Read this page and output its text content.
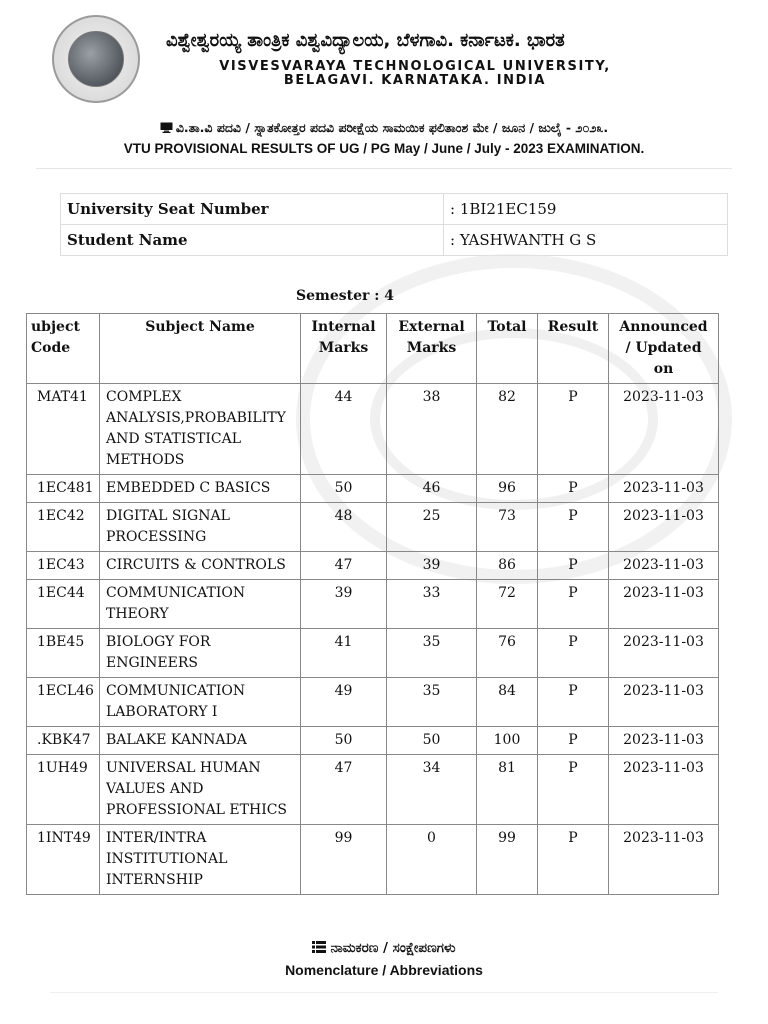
ವಿಶ್ವೇಶ್ವರಯ್ಯ ತಾಂತ್ರಿಕ ವಿಶ್ವವಿದ್ಯಾಲಯ, ಬೆಳಗಾವಿ. ಕರ್ನಾಟಕ. ಭಾರತ
VISVESVARAYA TECHNOLOGICAL UNIVERSITY,
BELAGAVI. KARNATAKA. INDIA
ವಿ.ತಾ.ವಿ ಪದವಿ / ಸ್ನಾತಕೋತ್ತರ ಪದವಿ ಪರೀಕ್ಷೆಯ ಸಾಮಯಿಕ ಫಲಿತಾಂಶ ಮೇ / ಜೂನ / ಜುಲೈ - ೨೦೨೩.
VTU PROVISIONAL RESULTS OF UG / PG May / June / July - 2023 EXAMINATION.
University Seat Number	: 1BI21EC159
Student Name	: YASHWANTH G S
Semester : 4
ubject Code	Subject Name	Internal Marks	External Marks	Total	Result	Announced / Updated on
MAT41	COMPLEX ANALYSIS,PROBABILITY AND STATISTICAL METHODS	44	38	82	P	2023-11-03
1EC481	EMBEDDED C BASICS	50	46	96	P	2023-11-03
1EC42	DIGITAL SIGNAL PROCESSING	48	25	73	P	2023-11-03
1EC43	CIRCUITS & CONTROLS	47	39	86	P	2023-11-03
1EC44	COMMUNICATION THEORY	39	33	72	P	2023-11-03
1BE45	BIOLOGY FOR ENGINEERS	41	35	76	P	2023-11-03
1ECL46	COMMUNICATION LABORATORY I	49	35	84	P	2023-11-03
.KBK47	BALAKE KANNADA	50	50	100	P	2023-11-03
1UH49	UNIVERSAL HUMAN VALUES AND PROFESSIONAL ETHICS	47	34	81	P	2023-11-03
1INT49	INTER/INTRA INSTITUTIONAL INTERNSHIP	99	0	99	P	2023-11-03
ನಾಮಕರಣ / ಸಂಕ್ಷೇಪಣಗಳು
Nomenclature / Abbreviations
